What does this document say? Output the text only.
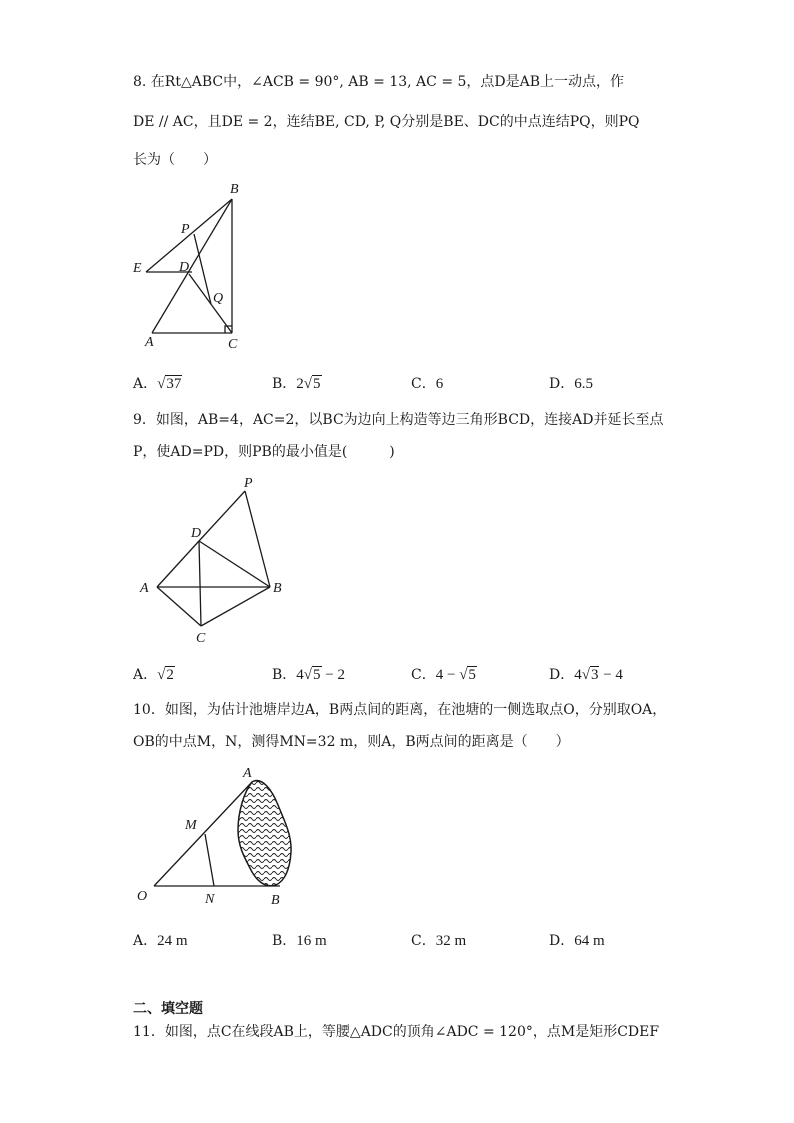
8. 在Rt△ABC中，∠ACB = 90°, AB = 13, AC = 5，点D是AB上一动点，作
DE // AC，且DE = 2，连结BE, CD, P, Q分别是BE、DC的中点连结PQ，则PQ
长为（　　）
B
P
E	D
Q
A	C
A．√37	B．2√5	C．6	D．6.5
9．如图，AB=4，AC=2，以BC为边向上构造等边三角形BCD，连接AD并延长至点
P，使AD=PD，则PB的最小值是(　　　)
P
D
A	B
C
A．√2	B．4√5 − 2	C．4 − √5	D．4√3 − 4
10．如图，为估计池塘岸边A，B两点间的距离，在池塘的一侧选取点O，分别取OA，
OB的中点M，N，测得MN=32 m，则A，B两点间的距离是（　　）
A
M
O	N	B
A．24 m	B．16 m	C．32 m	D．64 m
二、填空题
11．如图，点C在线段AB上，等腰△ADC的顶角∠ADC = 120°，点M是矩形CDEF
